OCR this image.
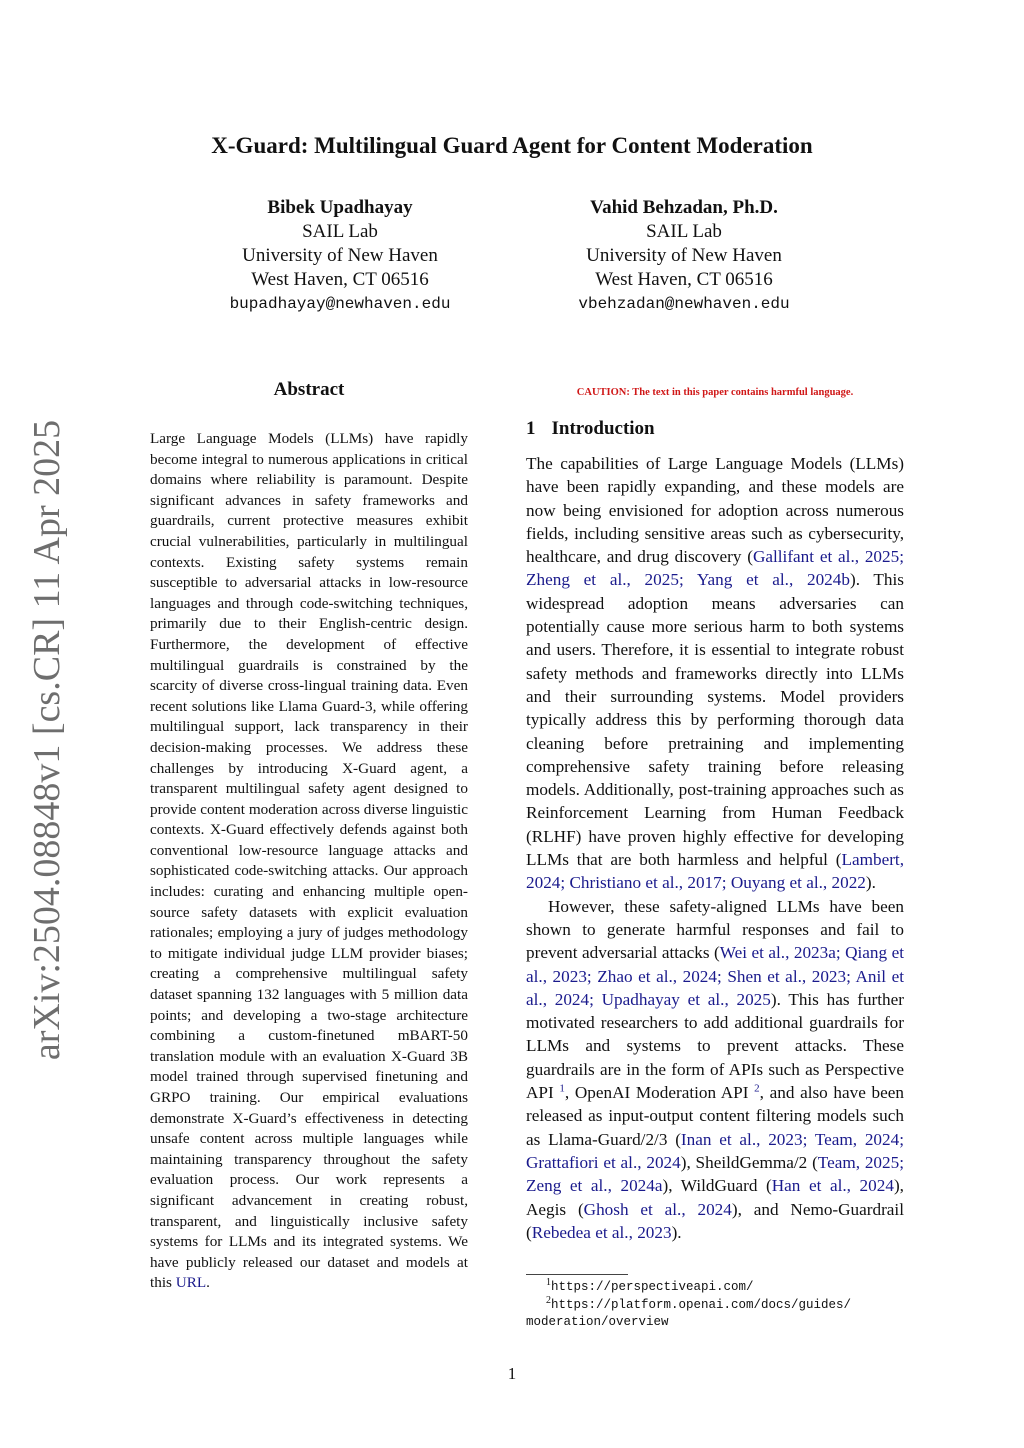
arXiv:2504.08848v1 [cs.CR] 11 Apr 2025
X-Guard: Multilingual Guard Agent for Content Moderation
Bibek Upadhayay
SAIL Lab
University of New Haven
West Haven, CT 06516
bupadhayay@newhaven.edu
Vahid Behzadan, Ph.D.
SAIL Lab
University of New Haven
West Haven, CT 06516
vbehzadan@newhaven.edu
Abstract
Large Language Models (LLMs) have rapidly become integral to numerous applications in critical domains where reliability is paramount. Despite significant advances in safety frameworks and guardrails, current protective measures exhibit crucial vulnerabilities, particularly in multilingual contexts. Existing safety systems remain susceptible to adversarial attacks in low-resource languages and through code-switching techniques, primarily due to their English-centric design. Furthermore, the development of effective multilingual guardrails is constrained by the scarcity of diverse cross-lingual training data. Even recent solutions like Llama Guard-3, while offering multilingual support, lack transparency in their decision-making processes. We address these challenges by introducing X-Guard agent, a transparent multilingual safety agent designed to provide content moderation across diverse linguistic contexts. X-Guard effectively defends against both conventional low-resource language attacks and sophisticated code-switching attacks. Our approach includes: curating and enhancing multiple open-source safety datasets with explicit evaluation rationales; employing a jury of judges methodology to mitigate individual judge LLM provider biases; creating a comprehensive multilingual safety dataset spanning 132 languages with 5 million data points; and developing a two-stage architecture combining a custom-finetuned mBART-50 translation module with an evaluation X-Guard 3B model trained through supervised finetuning and GRPO training. Our empirical evaluations demonstrate X-Guard’s effectiveness in detecting unsafe content across multiple languages while maintaining transparency throughout the safety evaluation process. Our work represents a significant advancement in creating robust, transparent, and linguistically inclusive safety systems for LLMs and its integrated systems. We have publicly released our dataset and models at this URL.
CAUTION: The text in this paper contains harmful language.
1 Introduction

The capabilities of Large Language Models (LLMs) have been rapidly expanding, and these models are now being envisioned for adoption across numerous fields, including sensitive areas such as cybersecurity, healthcare, and drug discovery (Gallifant et al., 2025; Zheng et al., 2025; Yang et al., 2024b). This widespread adoption means adversaries can potentially cause more serious harm to both systems and users. Therefore, it is essential to integrate robust safety methods and frameworks directly into LLMs and their surrounding systems. Model providers typically address this by performing thorough data cleaning before pretraining and implementing comprehensive safety training before releasing models. Additionally, post-training approaches such as Reinforcement Learning from Human Feedback (RLHF) have proven highly effective for developing LLMs that are both harmless and helpful (Lambert, 2024; Christiano et al., 2017; Ouyang et al., 2022).

However, these safety-aligned LLMs have been shown to generate harmful responses and fail to prevent adversarial attacks (Wei et al., 2023a; Qiang et al., 2023; Zhao et al., 2024; Shen et al., 2023; Anil et al., 2024; Upadhayay et al., 2025). This has further motivated researchers to add additional guardrails for LLMs and systems to prevent attacks. These guardrails are in the form of APIs such as Perspective API $^1$, OpenAI Moderation API $^2$, and also have been released as input-output content filtering models such as Llama-Guard/2/3 (Inan et al., 2023; Team, 2024; Grattafiori et al., 2024), SheildGemma/2 (Team, 2025; Zeng et al., 2024a), WildGuard (Han et al., 2024), Aegis (Ghosh et al., 2024), and Nemo-Guardrail (Rebedea et al., 2023).

$^1$https://perspectiveapi.com/
$^2$https://platform.openai.com/docs/guides/
moderation/overview
1
